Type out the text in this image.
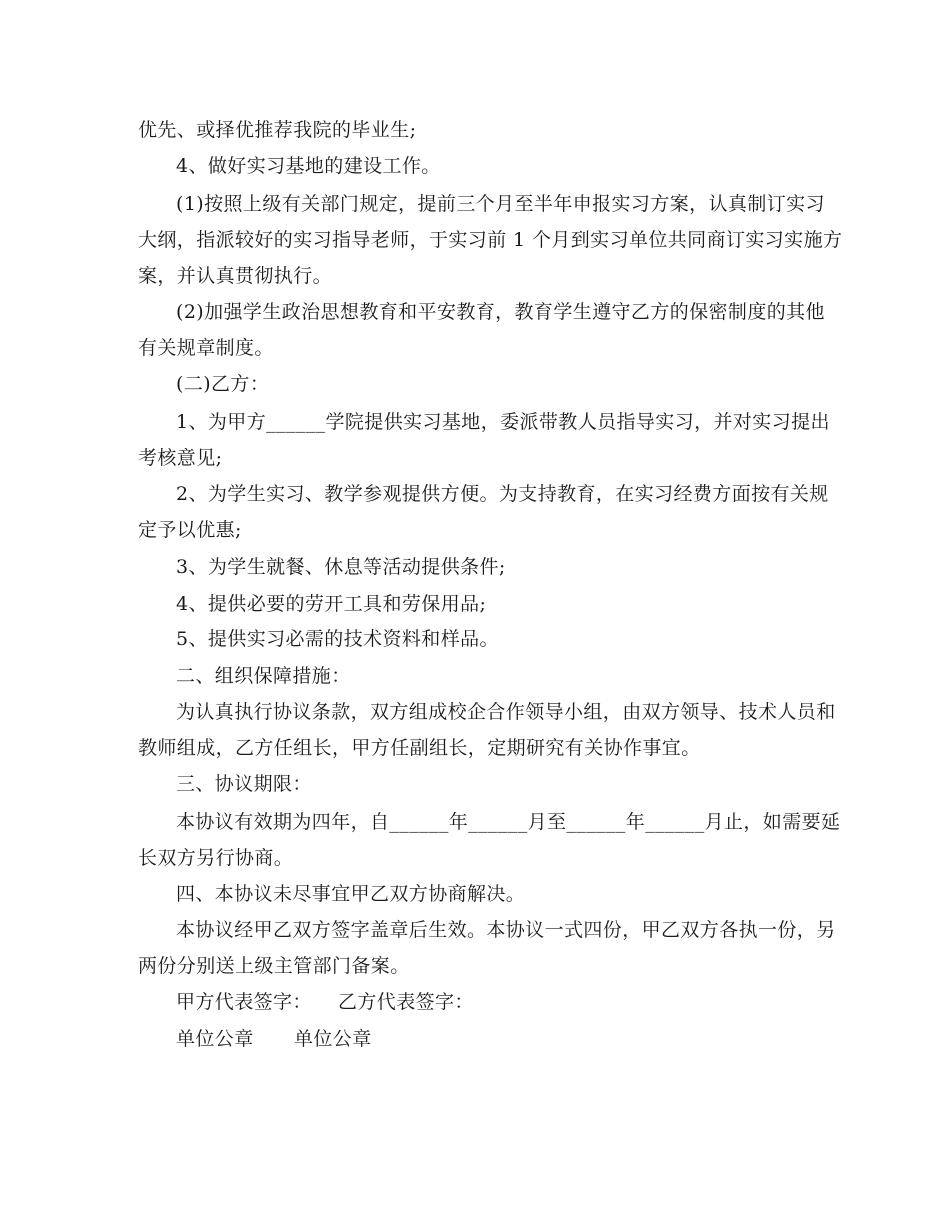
优先、或择优推荐我院的毕业生;

4、做好实习基地的建设工作。

(1)按照上级有关部门规定，提前三个月至半年申报实习方案，认真制订实习
大纲，指派较好的实习指导老师，于实习前 1 个月到实习单位共同商订实习实施方
案，并认真贯彻执行。

(2)加强学生政治思想教育和平安教育，教育学生遵守乙方的保密制度的其他
有关规章制度。

(二)乙方：

1、为甲方______学院提供实习基地，委派带教人员指导实习，并对实习提出
考核意见;

2、为学生实习、教学参观提供方便。为支持教育，在实习经费方面按有关规
定予以优惠;

3、为学生就餐、休息等活动提供条件;

4、提供必要的劳开工具和劳保用品;

5、提供实习必需的技术资料和样品。

二、组织保障措施：

为认真执行协议条款，双方组成校企合作领导小组，由双方领导、技术人员和
教师组成，乙方任组长，甲方任副组长，定期研究有关协作事宜。

三、协议期限：

本协议有效期为四年，自______年______月至______年______月止，如需要延
长双方另行协商。

四、本协议未尽事宜甲乙双方协商解决。

本协议经甲乙双方签字盖章后生效。本协议一式四份，甲乙双方各执一份，另
两份分别送上级主管部门备案。

甲方代表签字： 乙方代表签字：
单位公章 单位公章
